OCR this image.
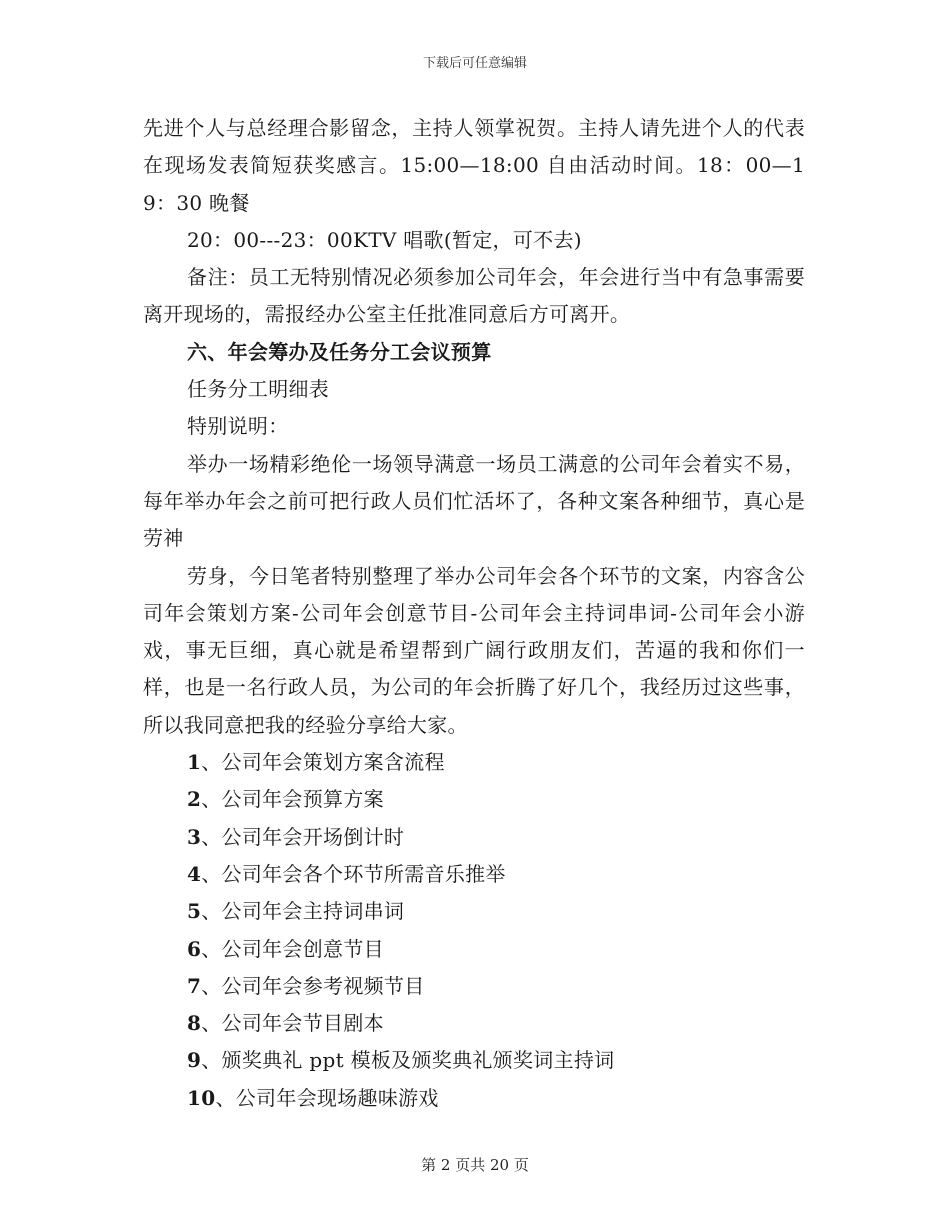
下载后可任意编辑

先进个人与总经理合影留念，主持人领掌祝贺。主持人请先进个人的代表在现场发表简短获奖感言。15:00—18:00 自由活动时间。18：00—19：30 晚餐

20：00---23：00KTV 唱歌(暂定，可不去)

备注：员工无特别情况必须参加公司年会，年会进行当中有急事需要离开现场的，需报经办公室主任批准同意后方可离开。

六、年会筹办及任务分工会议预算

任务分工明细表

特别说明：

举办一场精彩绝伦一场领导满意一场员工满意的公司年会着实不易，每年举办年会之前可把行政人员们忙活坏了，各种文案各种细节，真心是劳神

劳身，今日笔者特别整理了举办公司年会各个环节的文案，内容含公司年会策划方案-公司年会创意节目-公司年会主持词串词-公司年会小游戏，事无巨细，真心就是希望帮到广阔行政朋友们，苦逼的我和你们一样，也是一名行政人员，为公司的年会折腾了好几个，我经历过这些事，所以我同意把我的经验分享给大家。

1、公司年会策划方案含流程

2、公司年会预算方案

3、公司年会开场倒计时

4、公司年会各个环节所需音乐推举

5、公司年会主持词串词

6、公司年会创意节目

7、公司年会参考视频节目

8、公司年会节目剧本

9、颁奖典礼 ppt 模板及颁奖典礼颁奖词主持词

10、公司年会现场趣味游戏

第 2 页共 20 页
